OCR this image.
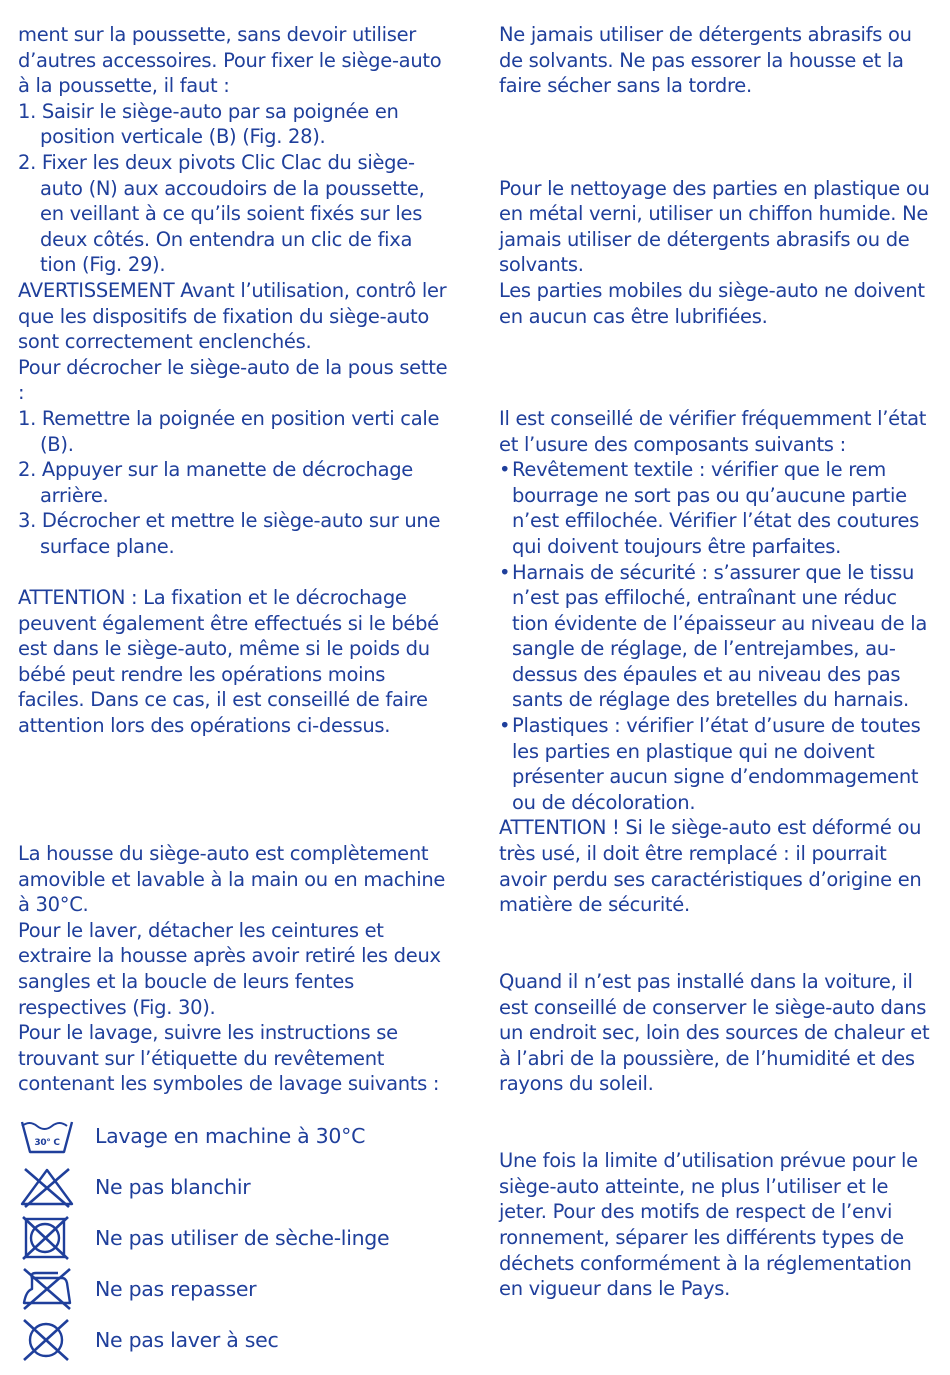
ment sur la poussette, sans devoir utiliser d’autres accessoires. Pour fixer le siège-auto à la poussette, il faut :

1. Saisir le siège-auto par sa poignée en position verticale (B) (Fig. 28).
2. Fixer les deux pivots Clic Clac du siège-auto (N) aux accoudoirs de la poussette, en veillant à ce qu’ils soient fixés sur les deux côtés. On entendra un clic de fixa tion (Fig. 29).

AVERTISSEMENT Avant l’utilisation, contrô ler que les dispositifs de fixation du siège-auto sont correctement enclenchés.

Pour décrocher le siège-auto de la pous sette :

1. Remettre la poignée en position verti cale (B).
2. Appuyer sur la manette de décrochage arrière.
3. Décrocher et mettre le siège-auto sur une surface plane.

ATTENTION : La fixation et le décrochage peuvent également être effectués si le bébé est dans le siège-auto, même si le poids du bébé peut rendre les opérations moins faciles. Dans ce cas, il est conseillé de faire attention lors des opérations ci-dessus.

La housse du siège-auto est complètement amovible et lavable à la main ou en machine à 30°C.

Pour le laver, détacher les ceintures et extraire la housse après avoir retiré les deux sangles et la boucle de leurs fentes respectives (Fig. 30).

Pour le lavage, suivre les instructions se trouvant sur l’étiquette du revêtement contenant les symboles de lavage suivants :

30° C Lavage en machine à 30°C
Ne pas blanchir
Ne pas utiliser de sèche-linge
Ne pas repasser
Ne pas laver à sec

Ne jamais utiliser de détergents abrasifs ou de solvants. Ne pas essorer la housse et la faire sécher sans la tordre.

Pour le nettoyage des parties en plastique ou en métal verni, utiliser un chiffon humide. Ne jamais utiliser de détergents abrasifs ou de solvants.

Les parties mobiles du siège-auto ne doivent en aucun cas être lubrifiées.

Il est conseillé de vérifier fréquemment l’état et l’usure des composants suivants :

• Revêtement textile : vérifier que le rem bourrage ne sort pas ou qu’aucune partie n’est effilochée. Vérifier l’état des coutures qui doivent toujours être parfaites.
• Harnais de sécurité : s’assurer que le tissu n’est pas effiloché, entraînant une réduc tion évidente de l’épaisseur au niveau de la sangle de réglage, de l’entrejambes, au-dessus des épaules et au niveau des pas sants de réglage des bretelles du harnais.
• Plastiques : vérifier l’état d’usure de toutes les parties en plastique qui ne doivent présenter aucun signe d’endommagement ou de décoloration.

ATTENTION ! Si le siège-auto est déformé ou très usé, il doit être remplacé : il pourrait avoir perdu ses caractéristiques d’origine en matière de sécurité.

Quand il n’est pas installé dans la voiture, il est conseillé de conserver le siège-auto dans un endroit sec, loin des sources de chaleur et à l’abri de la poussière, de l’humidité et des rayons du soleil.

Une fois la limite d’utilisation prévue pour le siège-auto atteinte, ne plus l’utiliser et le jeter. Pour des motifs de respect de l’envi ronnement, séparer les différents types de déchets conformément à la réglementation en vigueur dans le Pays.
